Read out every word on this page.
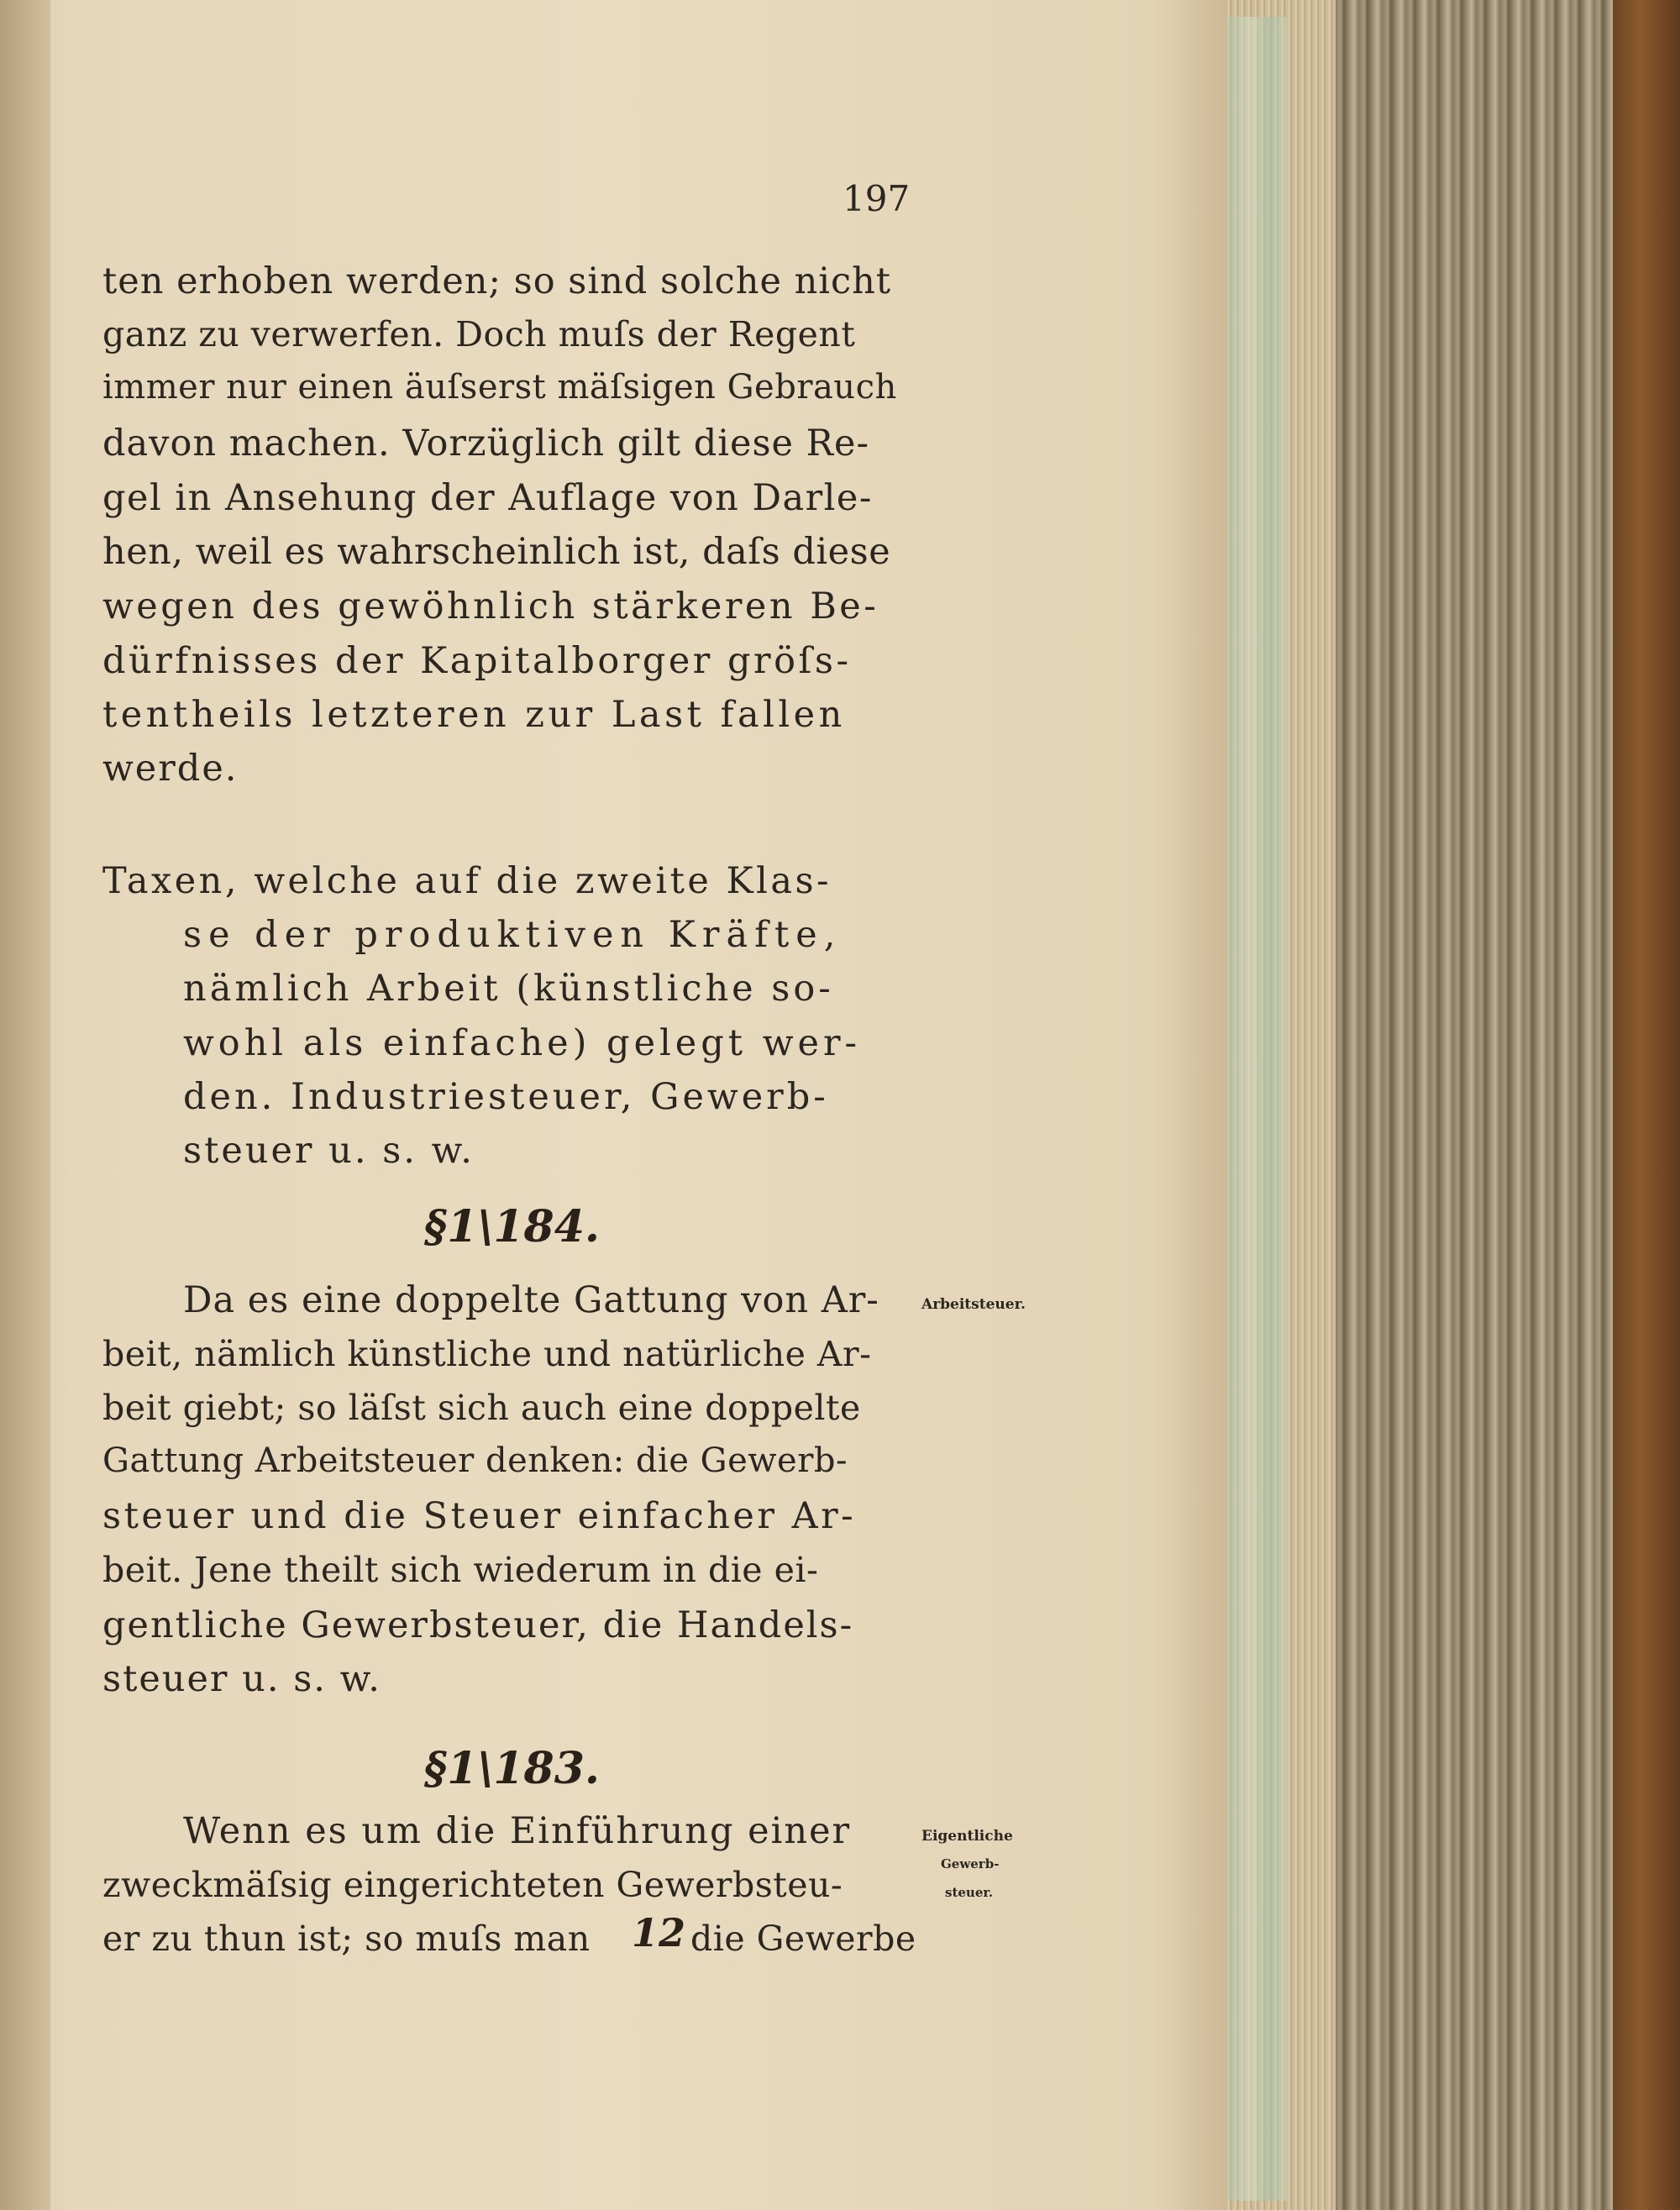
197
ten erhoben werden; so sind solche nicht
ganz zu verwerfen. Doch muſs der Regent
immer nur einen äuſserst mäſsigen Gebrauch
davon machen. Vorzüglich gilt diese Re-
gel in Ansehung der Auflage von Darle-
hen, weil es wahrscheinlich ist, daſs diese
wegen des gewöhnlich stärkeren Be-
dürfnisses der Kapitalborger gröſs-
tentheils letzteren zur Last fallen
werde.
Taxen, welche auf die zweite Klas-
se der produktiven Kräfte,
nämlich Arbeit (künstliche so-
wohl als einfache) gelegt wer-
den. Industriesteuer, Gewerb-
steuer u. s. w.
§1\184.
Da es eine doppelte Gattung von Ar-
beit, nämlich künstliche und natürliche Ar-
beit giebt; so läſst sich auch eine doppelte
Gattung Arbeitsteuer denken: die Gewerb-
steuer und die Steuer einfacher Ar-
beit. Jene theilt sich wiederum in die ei-
gentliche Gewerbsteuer, die Handels-
steuer u. s. w.
Arbeitsteuer.
§1\183.
Wenn es um die Einführung einer
zweckmäſsig eingerichteten Gewerbsteu-
er zu thun ist; so muſs man 12 die Gewerbe
Eigentliche
Gewerb-
steuer.
